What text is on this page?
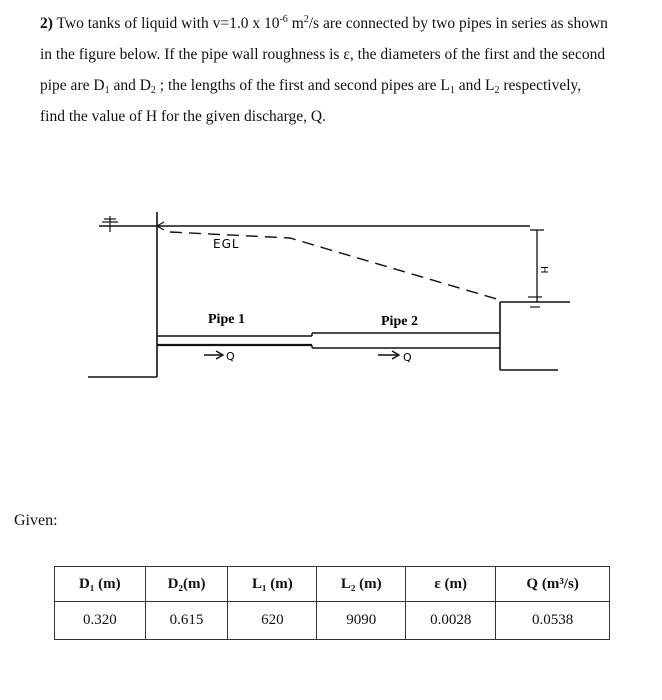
2) Two tanks of liquid with v=1.0 x $10^{-6}$ $m^2/s$ are connected by two pipes in series as shown

in the figure below. If the pipe wall roughness is ε, the diameters of the first and the second

pipe are $D_1$ and $D_2$ ; the lengths of the first and second pipes are $L_1$ and $L_2$ respectively,

find the value of H for the given discharge, Q.

EGL
Pipe 1	Pipe 2
Q	Q
H
Given:
D₁ (m)	D₂(m)	L₁ (m)	L₂ (m)	ε (m)	Q (m³/s)
0.320	0.615	620	9090	0.0028	0.0538
